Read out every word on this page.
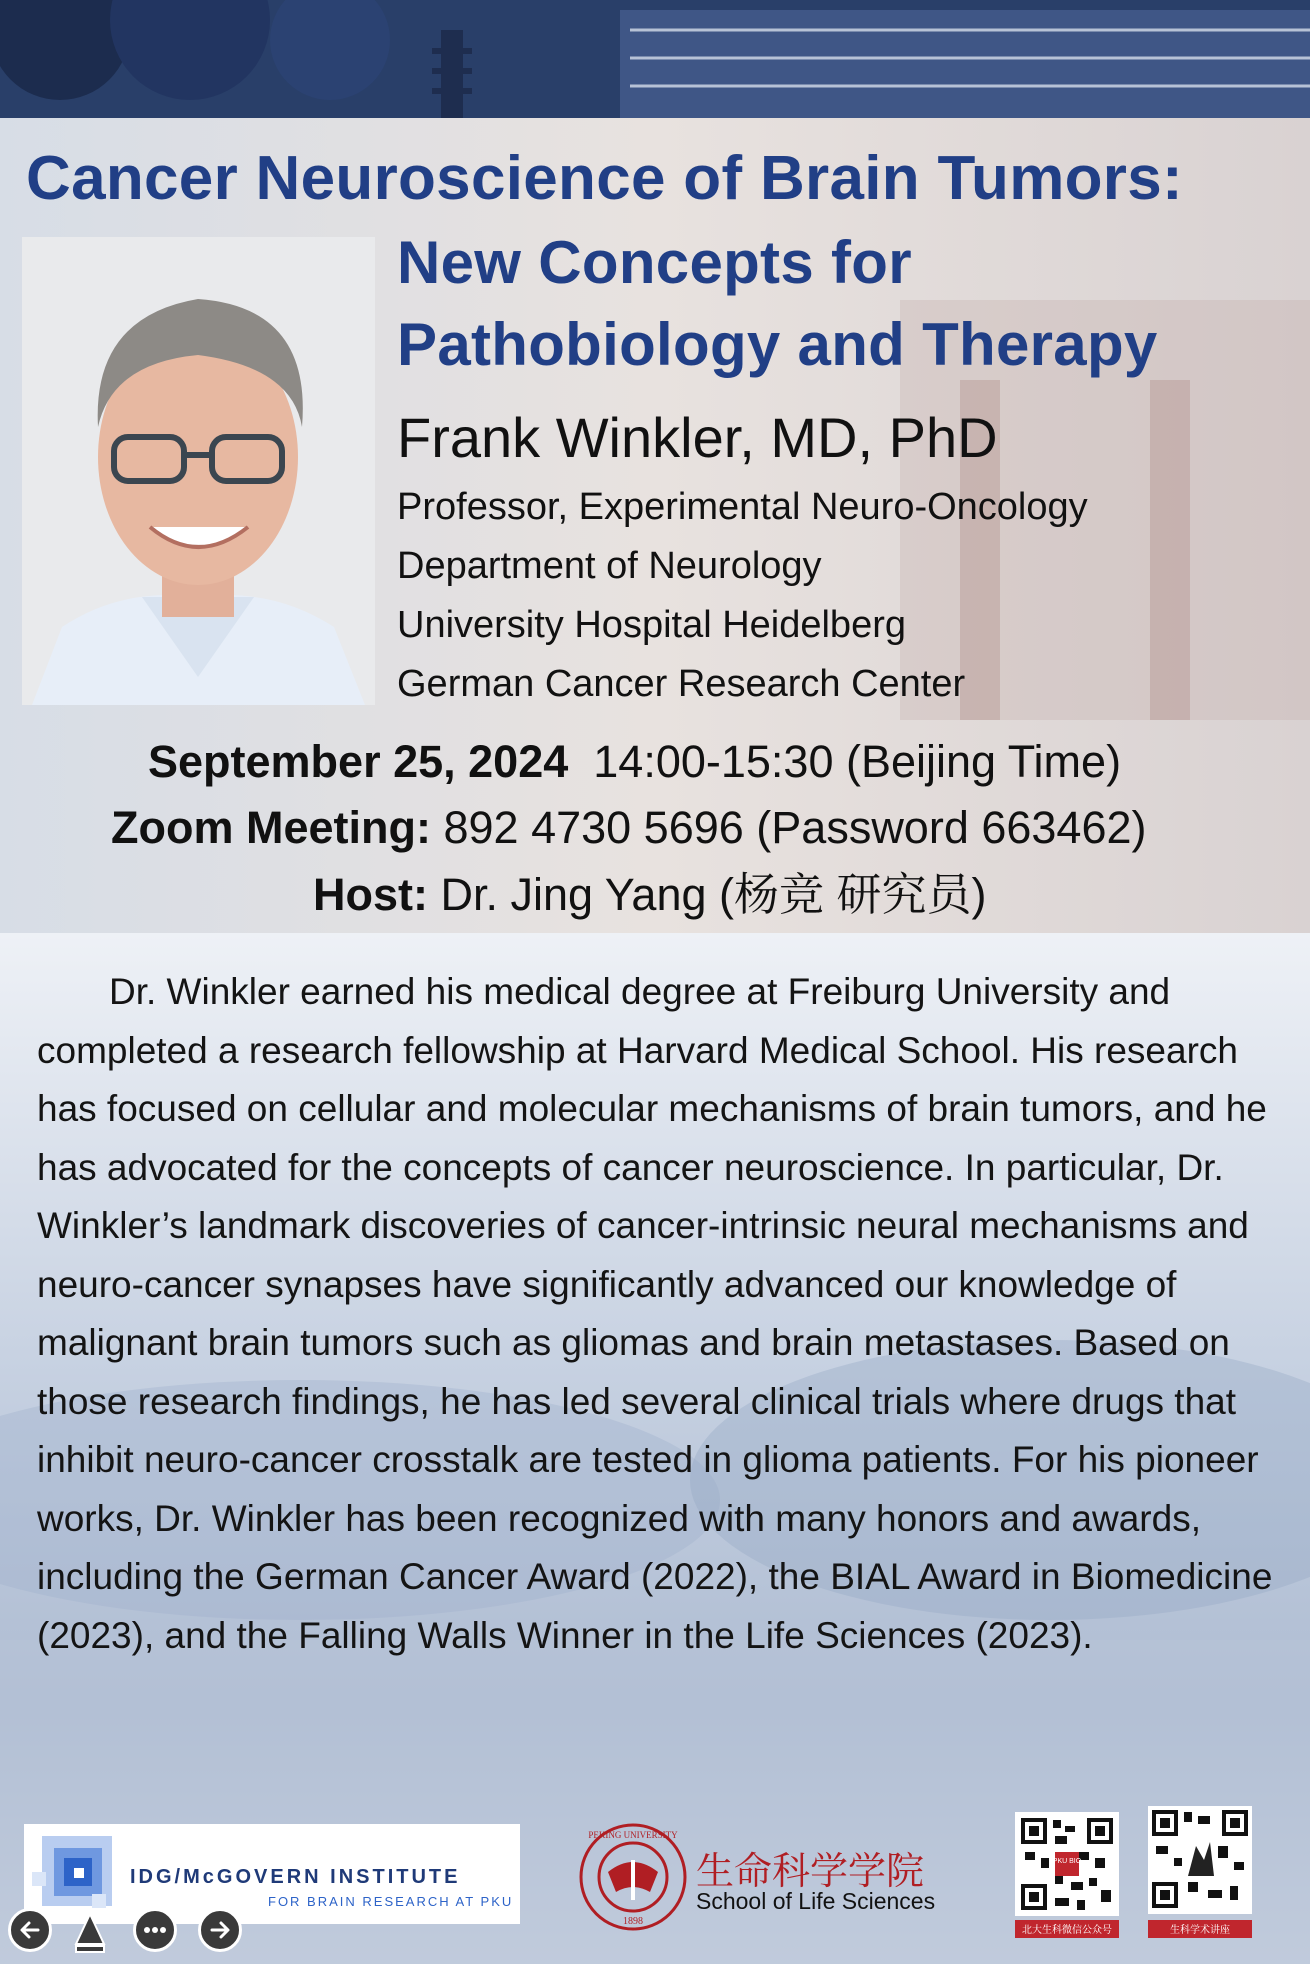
Cancer Neuroscience of Brain Tumors:
New Concepts for
Pathobiology and Therapy
Frank Winkler, MD, PhD
Professor, Experimental Neuro-Oncology
Department of Neurology
University Hospital Heidelberg
German Cancer Research Center
September 25, 2024 14:00-15:30 (Beijing Time)
Zoom Meeting: 892 4730 5696 (Password 663462)
Host: Dr. Jing Yang (杨竞 研究员)

Dr. Winkler earned his medical degree at Freiburg University and completed a research fellowship at Harvard Medical School. His research has focused on cellular and molecular mechanisms of brain tumors, and he has advocated for the concepts of cancer neuroscience. In particular, Dr. Winkler’s landmark discoveries of cancer-intrinsic neural mechanisms and neuro-cancer synapses have significantly advanced our knowledge of malignant brain tumors such as gliomas and brain metastases. Based on those research findings, he has led several clinical trials where drugs that inhibit neuro-cancer crosstalk are tested in glioma patients. For his pioneer works, Dr. Winkler has been recognized with many honors and awards, including the German Cancer Award (2022), the BIAL Award in Biomedicine (2023), and the Falling Walls Winner in the Life Sciences (2023).

IDG/McGOVERN INSTITUTE
FOR BRAIN RESEARCH AT PKU
PEKING UNIVERSITY
1898
生命科学学院
School of Life Sciences
PKU BIO
北大生科微信公众号	生科学术讲座
